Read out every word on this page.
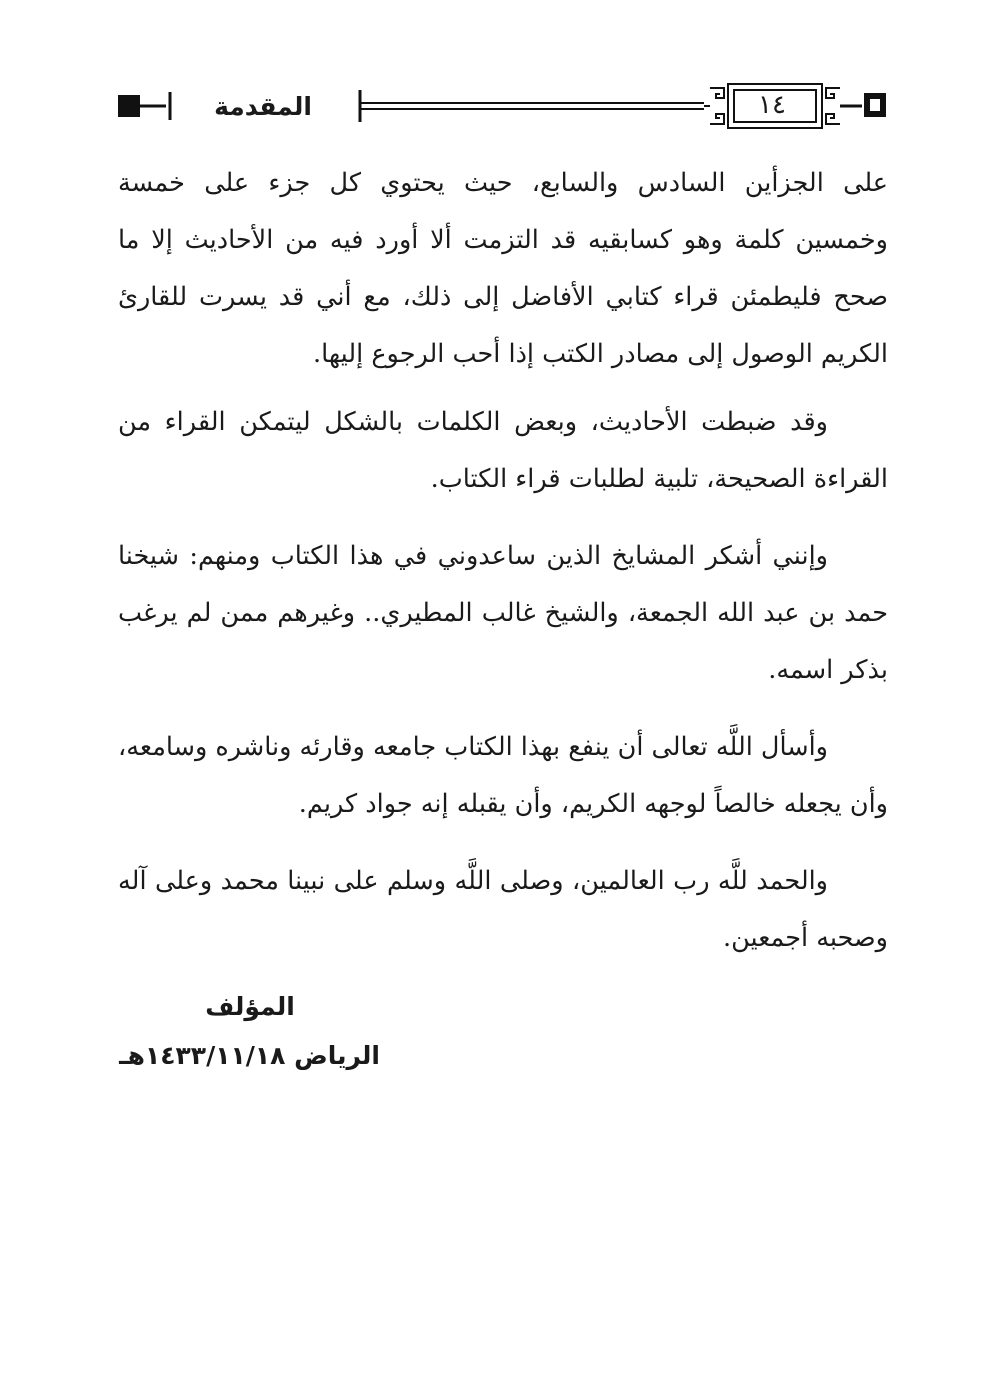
١٤
المقدمة

على الجزأين السادس والسابع، حيث يحتوي كل جزء على خمسة وخمسين كلمة وهو كسابقيه قد التزمت ألا أورد فيه من الأحاديث إلا ما صحح فليطمئن قراء كتابي الأفاضل إلى ذلك، مع أني قد يسرت للقارئ الكريم الوصول إلى مصادر الكتب إذا أحب الرجوع إليها.

وقد ضبطت الأحاديث، وبعض الكلمات بالشكل ليتمكن القراء من القراءة الصحيحة، تلبية لطلبات قراء الكتاب.

وإنني أشكر المشايخ الذين ساعدوني في هذا الكتاب ومنهم: شيخنا حمد بن عبد الله الجمعة، والشيخ غالب المطيري.. وغيرهم ممن لم يرغب بذكر اسمه.

وأسأل اللَّه تعالى أن ينفع بهذا الكتاب جامعه وقارئه وناشره وسامعه، وأن يجعله خالصاً لوجهه الكريم، وأن يقبله إنه جواد كريم.

والحمد للَّه رب العالمين، وصلى اللَّه وسلم على نبينا محمد وعلى آله وصحبه أجمعين.

المؤلف
الرياض ١٤٣٣/١١/١٨هـ
